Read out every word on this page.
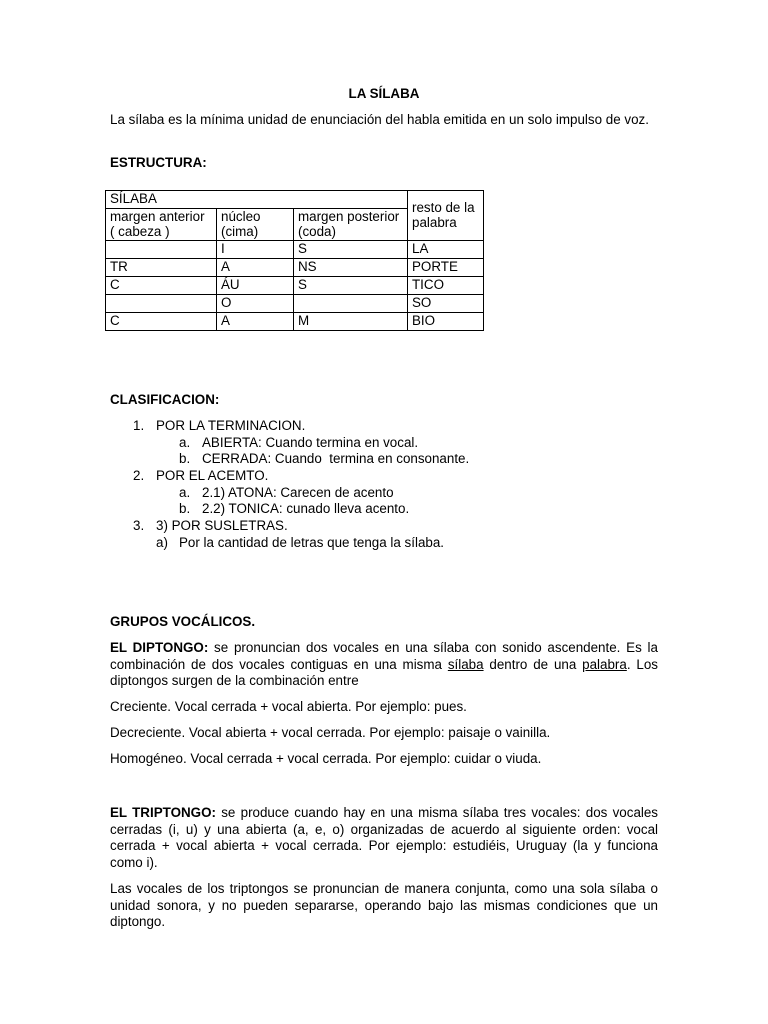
LA SÍLABA

La sílaba es la mínima unidad de enunciación del habla emitida en un solo impulso de voz.

ESTRUCTURA:

SÍLABA			resto de la palabra
margen anterior ( cabeza )	núcleo (cima)	margen posterior (coda)	
	I	S	LA
TR	A	NS	PORTE
C	ÁU	S	TICO
	O		SO
C	A	M	BIO

CLASIFICACION:

1. POR LA TERMINACION.
a. ABIERTA: Cuando termina en vocal.
b. CERRADA: Cuando  termina en consonante.
2. POR EL ACEMTO.
a. 2.1) ATONA: Carecen de acento
b. 2.2) TONICA: cunado lleva acento.
3. 3) POR SUSLETRAS.
a) Por la cantidad de letras que tenga la sílaba.

GRUPOS VOCÁLICOS.

EL DIPTONGO: se pronuncian dos vocales en una sílaba con sonido ascendente. Es la combinación de dos vocales contiguas en una misma sílaba dentro de una palabra. Los diptongos surgen de la combinación entre

Creciente. Vocal cerrada + vocal abierta. Por ejemplo: pues.

Decreciente. Vocal abierta + vocal cerrada. Por ejemplo: paisaje o vainilla.

Homogéneo. Vocal cerrada + vocal cerrada. Por ejemplo: cuidar o viuda.

EL TRIPTONGO: se produce cuando hay en una misma sílaba tres vocales: dos vocales cerradas (i, u) y una abierta (a, e, o) organizadas de acuerdo al siguiente orden: vocal cerrada + vocal abierta + vocal cerrada. Por ejemplo: estudiéis, Uruguay (la y funciona como i).

Las vocales de los triptongos se pronuncian de manera conjunta, como una sola sílaba o unidad sonora, y no pueden separarse, operando bajo las mismas condiciones que un diptongo.
